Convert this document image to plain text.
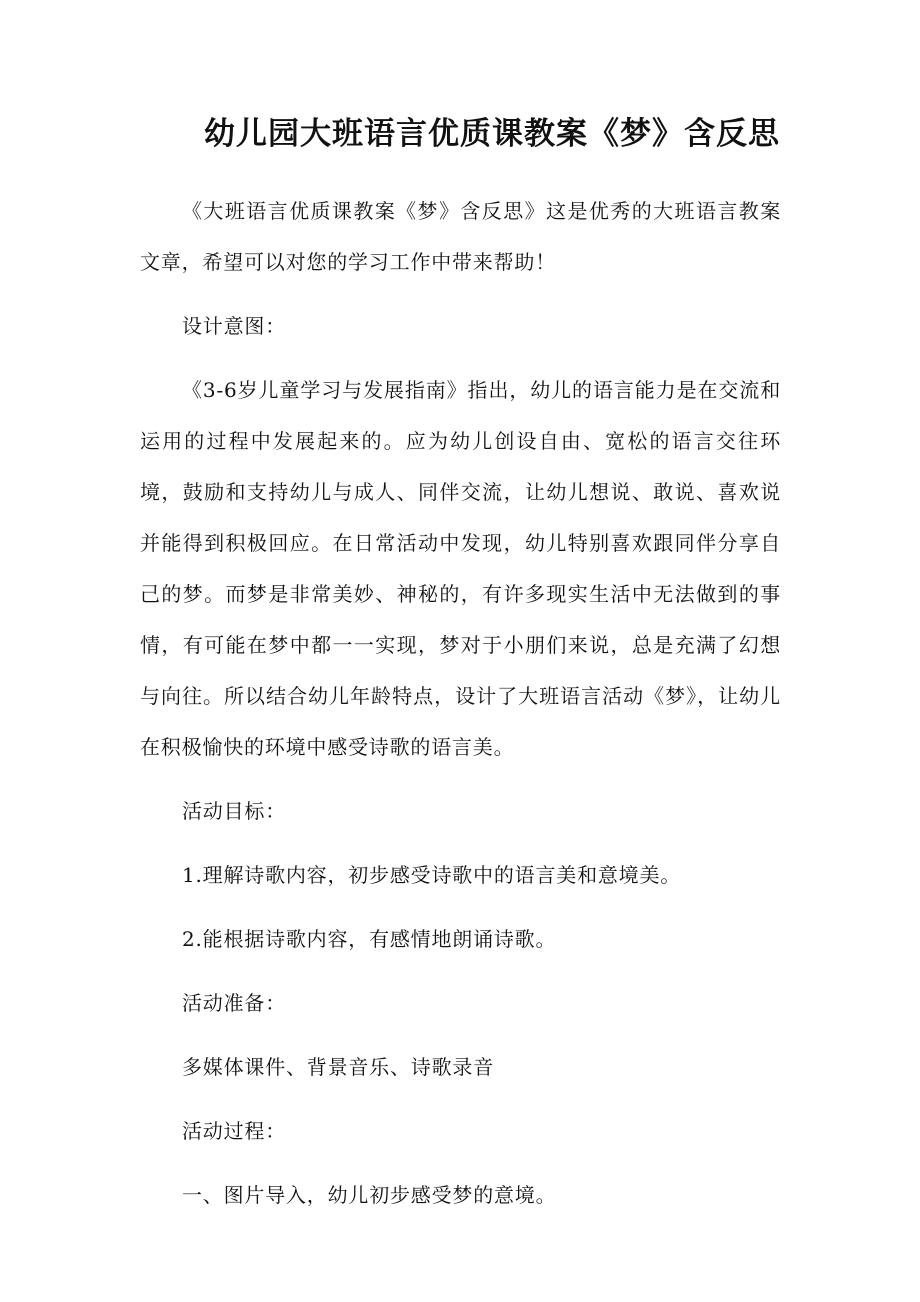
幼儿园大班语言优质课教案《梦》含反思

《大班语言优质课教案《梦》含反思》这是优秀的大班语言教案文章，希望可以对您的学习工作中带来帮助！

设计意图：

《3-6岁儿童学习与发展指南》指出，幼儿的语言能力是在交流和运用的过程中发展起来的。应为幼儿创设自由、宽松的语言交往环境，鼓励和支持幼儿与成人、同伴交流，让幼儿想说、敢说、喜欢说并能得到积极回应。在日常活动中发现，幼儿特别喜欢跟同伴分享自己的梦。而梦是非常美妙、神秘的，有许多现实生活中无法做到的事情，有可能在梦中都一一实现，梦对于小朋们来说，总是充满了幻想与向往。所以结合幼儿年龄特点，设计了大班语言活动《梦》，让幼儿在积极愉快的环境中感受诗歌的语言美。

活动目标：

1.理解诗歌内容，初步感受诗歌中的语言美和意境美。

2.能根据诗歌内容，有感情地朗诵诗歌。

活动准备：

多媒体课件、背景音乐、诗歌录音

活动过程：

一、图片导入，幼儿初步感受梦的意境。
